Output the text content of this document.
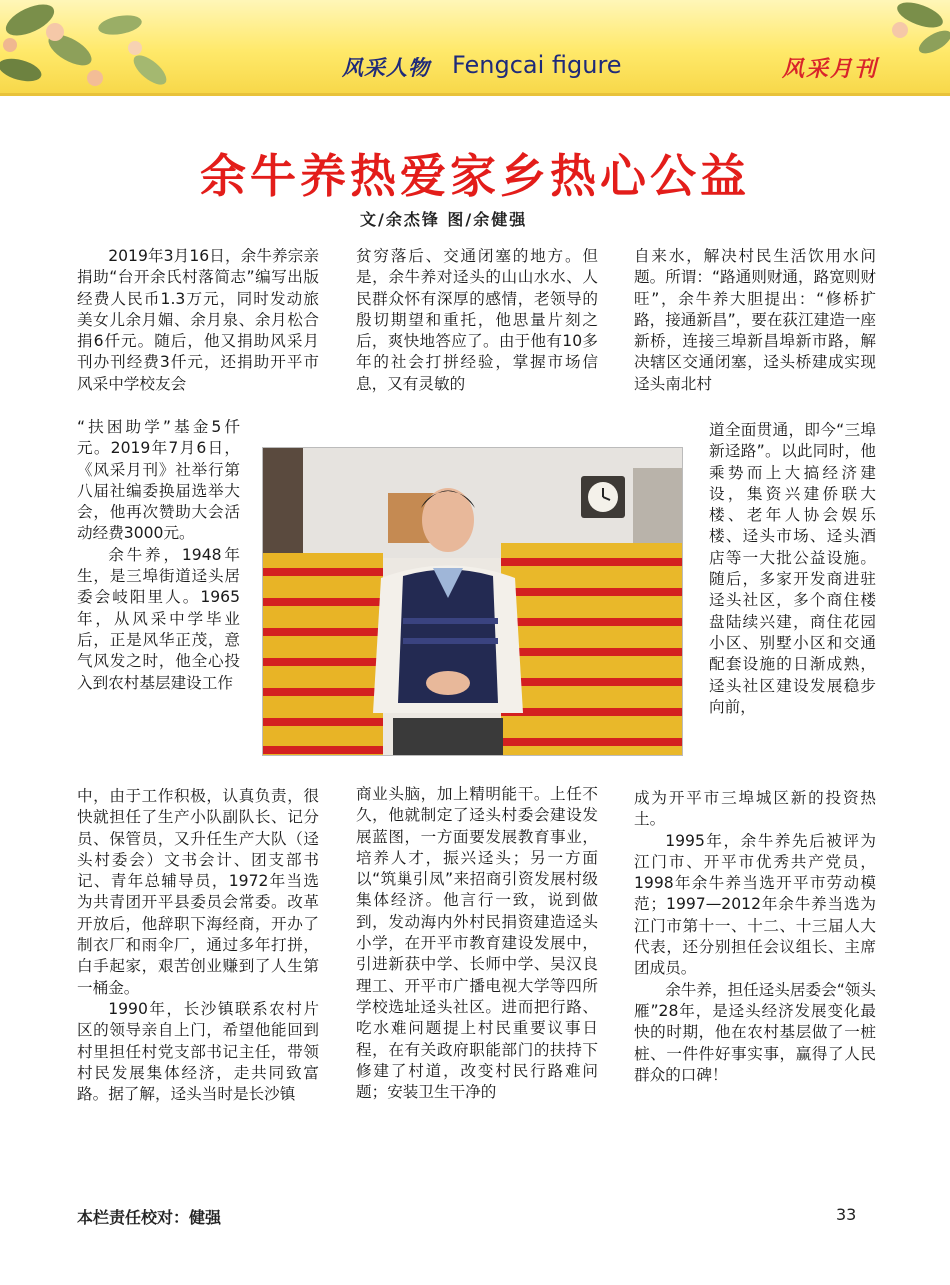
风采人物 Fengcai figure	风采月刊
余牛养热爱家乡热心公益
文/余杰锋 图/余健强

2019年3月16日，余牛养宗亲捐助“台开余氏村落简志”编写出版经费人民币1.3万元，同时发动旅美女儿余月媚、余月泉、余月松合捐6仟元。随后，他又捐助风采月刊办刊经费3仟元，还捐助开平市风采中学校友会

“扶困助学”基金5仟元。2019年7月6日，《风采月刊》社举行第八届社编委换届选举大会，他再次赞助大会活动经费3000元。

余牛养，1948年生，是三埠街道迳头居委会岐阳里人。1965年，从风采中学毕业后，正是风华正茂，意气风发之时，他全心投入到农村基层建设工作

中，由于工作积极，认真负责，很快就担任了生产小队副队长、记分员、保管员，又升任生产大队（迳头村委会）文书会计、团支部书记、青年总辅导员，1972年当选为共青团开平县委员会常委。改革开放后，他辞职下海经商，开办了制衣厂和雨伞厂，通过多年打拼，白手起家，艰苦创业赚到了人生第一桶金。

1990年，长沙镇联系农村片区的领导亲自上门，希望他能回到村里担任村党支部书记主任，带领村民发展集体经济，走共同致富路。据了解，迳头当时是长沙镇

贫穷落后、交通闭塞的地方。但是，余牛养对迳头的山山水水、人民群众怀有深厚的感情，老领导的殷切期望和重托，他思量片刻之后，爽快地答应了。由于他有10多年的社会打拼经验，掌握市场信息，又有灵敏的

商业头脑，加上精明能干。上任不久，他就制定了迳头村委会建设发展蓝图，一方面要发展教育事业，培养人才，振兴迳头；另一方面以“筑巢引凤”来招商引资发展村级集体经济。他言行一致，说到做到，发动海内外村民捐资建造迳头小学，在开平市教育建设发展中，引进新获中学、长师中学、吴汉良理工、开平市广播电视大学等四所学校选址迳头社区。进而把行路、吃水难问题提上村民重要议事日程，在有关政府职能部门的扶持下修建了村道，改变村民行路难问题；安装卫生干净的

自来水，解决村民生活饮用水问题。所谓：“路通则财通，路宽则财旺”，余牛养大胆提出：“修桥扩路，接通新昌”，要在荻江建造一座新桥，连接三埠新昌埠新市路，解决辖区交通闭塞，迳头桥建成实现迳头南北村

道全面贯通，即今“三埠新迳路”。以此同时，他乘势而上大搞经济建设，集资兴建侨联大楼、老年人协会娱乐楼、迳头市场、迳头酒店等一大批公益设施。随后，多家开发商进驻迳头社区，多个商住楼盘陆续兴建，商住花园小区、别墅小区和交通配套设施的日渐成熟，迳头社区建设发展稳步向前，

成为开平市三埠城区新的投资热土。

1995年，余牛养先后被评为江门市、开平市优秀共产党员，1998年余牛养当选开平市劳动模范；1997—2012年余牛养当选为江门市第十一、十二、十三届人大代表，还分别担任会议组长、主席团成员。

余牛养，担任迳头居委会“领头雁”28年，是迳头经济发展变化最快的时期，他在农村基层做了一桩桩、一件件好事实事，赢得了人民群众的口碑！

本栏责任校对：健强	33
